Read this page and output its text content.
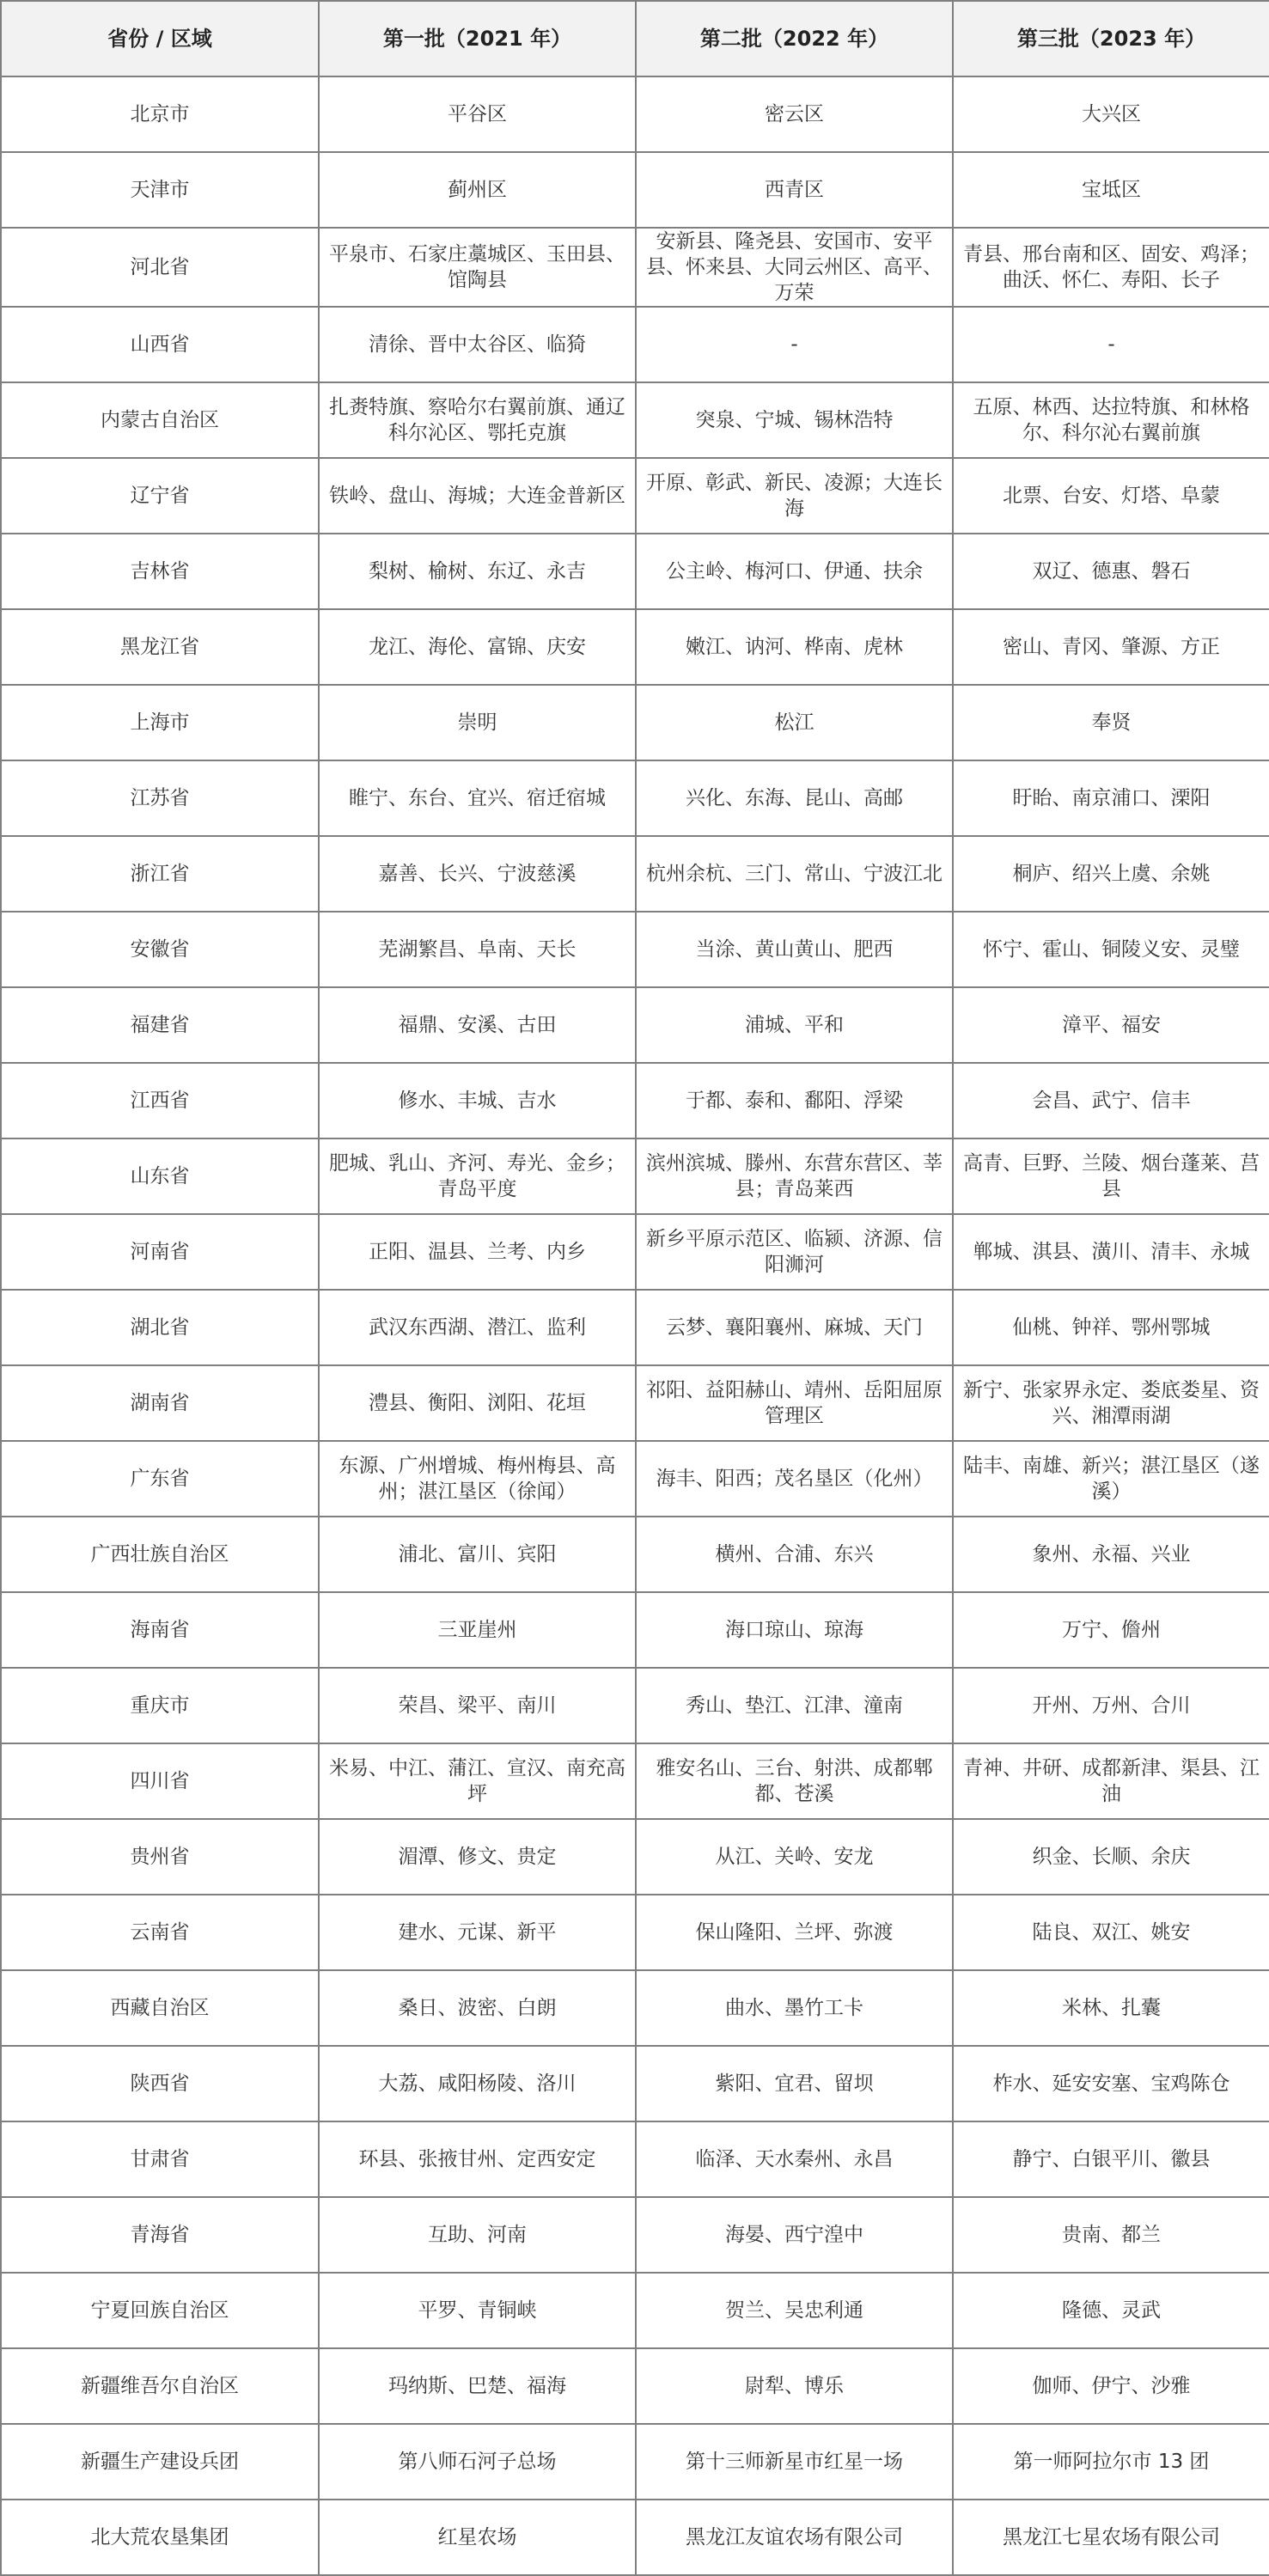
省份 / 区域	第一批（2021 年）	第二批（2022 年）	第三批（2023 年）
北京市	平谷区	密云区	大兴区
天津市	蓟州区	西青区	宝坻区
河北省	平泉市、石家庄藁城区、玉田县、馆陶县	安新县、隆尧县、安国市、安平县、怀来县、大同云州区、高平、万荣	青县、邢台南和区、固安、鸡泽；曲沃、怀仁、寿阳、长子
山西省	清徐、晋中太谷区、临猗	-	-
内蒙古自治区	扎赉特旗、察哈尔右翼前旗、通辽科尔沁区、鄂托克旗	突泉、宁城、锡林浩特	五原、林西、达拉特旗、和林格尔、科尔沁右翼前旗
辽宁省	铁岭、盘山、海城；大连金普新区	开原、彰武、新民、凌源；大连长海	北票、台安、灯塔、阜蒙
吉林省	梨树、榆树、东辽、永吉	公主岭、梅河口、伊通、扶余	双辽、德惠、磐石
黑龙江省	龙江、海伦、富锦、庆安	嫩江、讷河、桦南、虎林	密山、青冈、肇源、方正
上海市	崇明	松江	奉贤
江苏省	睢宁、东台、宜兴、宿迁宿城	兴化、东海、昆山、高邮	盱眙、南京浦口、溧阳
浙江省	嘉善、长兴、宁波慈溪	杭州余杭、三门、常山、宁波江北	桐庐、绍兴上虞、余姚
安徽省	芜湖繁昌、阜南、天长	当涂、黄山黄山、肥西	怀宁、霍山、铜陵义安、灵璧
福建省	福鼎、安溪、古田	浦城、平和	漳平、福安
江西省	修水、丰城、吉水	于都、泰和、鄱阳、浮梁	会昌、武宁、信丰
山东省	肥城、乳山、齐河、寿光、金乡；青岛平度	滨州滨城、滕州、东营东营区、莘县；青岛莱西	高青、巨野、兰陵、烟台蓬莱、莒县
河南省	正阳、温县、兰考、内乡	新乡平原示范区、临颍、济源、信阳浉河	郸城、淇县、潢川、清丰、永城
湖北省	武汉东西湖、潜江、监利	云梦、襄阳襄州、麻城、天门	仙桃、钟祥、鄂州鄂城
湖南省	澧县、衡阳、浏阳、花垣	祁阳、益阳赫山、靖州、岳阳屈原管理区	新宁、张家界永定、娄底娄星、资兴、湘潭雨湖
广东省	东源、广州增城、梅州梅县、高州；湛江垦区（徐闻）	海丰、阳西；茂名垦区（化州）	陆丰、南雄、新兴；湛江垦区（遂溪）
广西壮族自治区	浦北、富川、宾阳	横州、合浦、东兴	象州、永福、兴业
海南省	三亚崖州	海口琼山、琼海	万宁、儋州
重庆市	荣昌、梁平、南川	秀山、垫江、江津、潼南	开州、万州、合川
四川省	米易、中江、蒲江、宣汉、南充高坪	雅安名山、三台、射洪、成都郫都、苍溪	青神、井研、成都新津、渠县、江油
贵州省	湄潭、修文、贵定	从江、关岭、安龙	织金、长顺、余庆
云南省	建水、元谋、新平	保山隆阳、兰坪、弥渡	陆良、双江、姚安
西藏自治区	桑日、波密、白朗	曲水、墨竹工卡	米林、扎囊
陕西省	大荔、咸阳杨陵、洛川	紫阳、宜君、留坝	柞水、延安安塞、宝鸡陈仓
甘肃省	环县、张掖甘州、定西安定	临泽、天水秦州、永昌	静宁、白银平川、徽县
青海省	互助、河南	海晏、西宁湟中	贵南、都兰
宁夏回族自治区	平罗、青铜峡	贺兰、吴忠利通	隆德、灵武
新疆维吾尔自治区	玛纳斯、巴楚、福海	尉犁、博乐	伽师、伊宁、沙雅
新疆生产建设兵团	第八师石河子总场	第十三师新星市红星一场	第一师阿拉尔市 13 团
北大荒农垦集团	红星农场	黑龙江友谊农场有限公司	黑龙江七星农场有限公司
